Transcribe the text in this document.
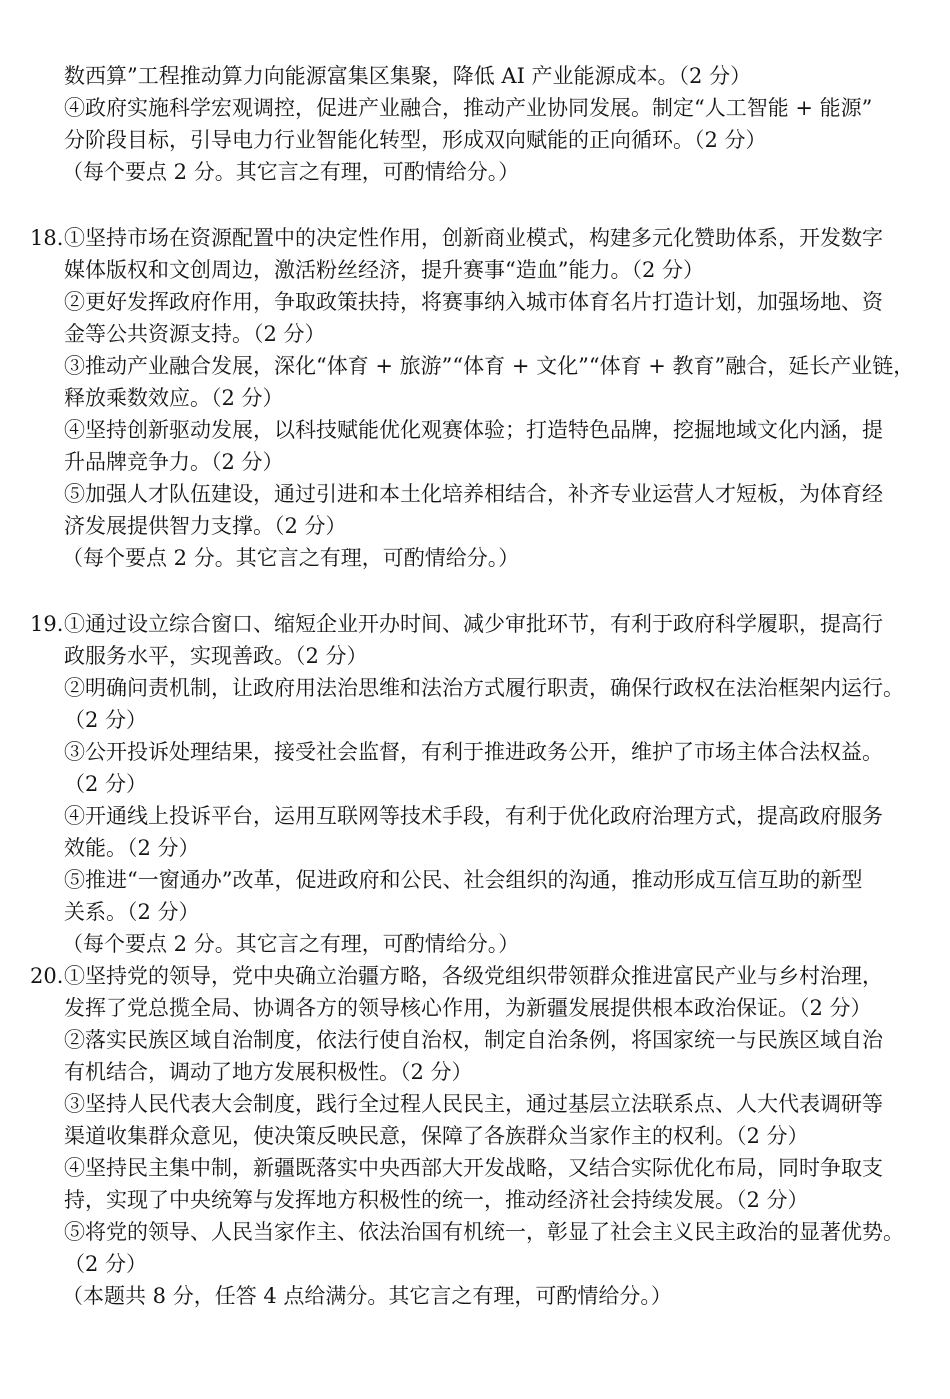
数西算”工程推动算力向能源富集区集聚，降低 AI 产业能源成本。（2 分）
④政府实施科学宏观调控，促进产业融合，推动产业协同发展。制定“人工智能 + 能源”
分阶段目标，引导电力行业智能化转型，形成双向赋能的正向循环。（2 分）
（每个要点 2 分。其它言之有理，可酌情给分。）
18. ①坚持市场在资源配置中的决定性作用，创新商业模式，构建多元化赞助体系，开发数字
媒体版权和文创周边，激活粉丝经济，提升赛事“造血”能力。（2 分）
②更好发挥政府作用，争取政策扶持，将赛事纳入城市体育名片打造计划，加强场地、资
金等公共资源支持。（2 分）
③推动产业融合发展，深化“体育 + 旅游”“体育 + 文化”“体育 + 教育”融合，延长产业链，
释放乘数效应。（2 分）
④坚持创新驱动发展，以科技赋能优化观赛体验；打造特色品牌，挖掘地域文化内涵，提
升品牌竞争力。（2 分）
⑤加强人才队伍建设，通过引进和本土化培养相结合，补齐专业运营人才短板，为体育经
济发展提供智力支撑。（2 分）
（每个要点 2 分。其它言之有理，可酌情给分。）
19. ①通过设立综合窗口、缩短企业开办时间、减少审批环节，有利于政府科学履职，提高行
政服务水平，实现善政。（2 分）
②明确问责机制，让政府用法治思维和法治方式履行职责，确保行政权在法治框架内运行。
（2 分）
③公开投诉处理结果，接受社会监督，有利于推进政务公开，维护了市场主体合法权益。
（2 分）
④开通线上投诉平台，运用互联网等技术手段，有利于优化政府治理方式，提高政府服务
效能。（2 分）
⑤推进“一窗通办”改革，促进政府和公民、社会组织的沟通，推动形成互信互助的新型
关系。（2 分）
（每个要点 2 分。其它言之有理，可酌情给分。）
20. ①坚持党的领导，党中央确立治疆方略，各级党组织带领群众推进富民产业与乡村治理，
发挥了党总揽全局、协调各方的领导核心作用，为新疆发展提供根本政治保证。（2 分）
②落实民族区域自治制度，依法行使自治权，制定自治条例，将国家统一与民族区域自治
有机结合，调动了地方发展积极性。（2 分）
③坚持人民代表大会制度，践行全过程人民民主，通过基层立法联系点、人大代表调研等
渠道收集群众意见，使决策反映民意，保障了各族群众当家作主的权利。（2 分）
④坚持民主集中制，新疆既落实中央西部大开发战略，又结合实际优化布局，同时争取支
持，实现了中央统筹与发挥地方积极性的统一，推动经济社会持续发展。（2 分）
⑤将党的领导、人民当家作主、依法治国有机统一，彰显了社会主义民主政治的显著优势。
（2 分）
（本题共 8 分，任答 4 点给满分。其它言之有理，可酌情给分。）
